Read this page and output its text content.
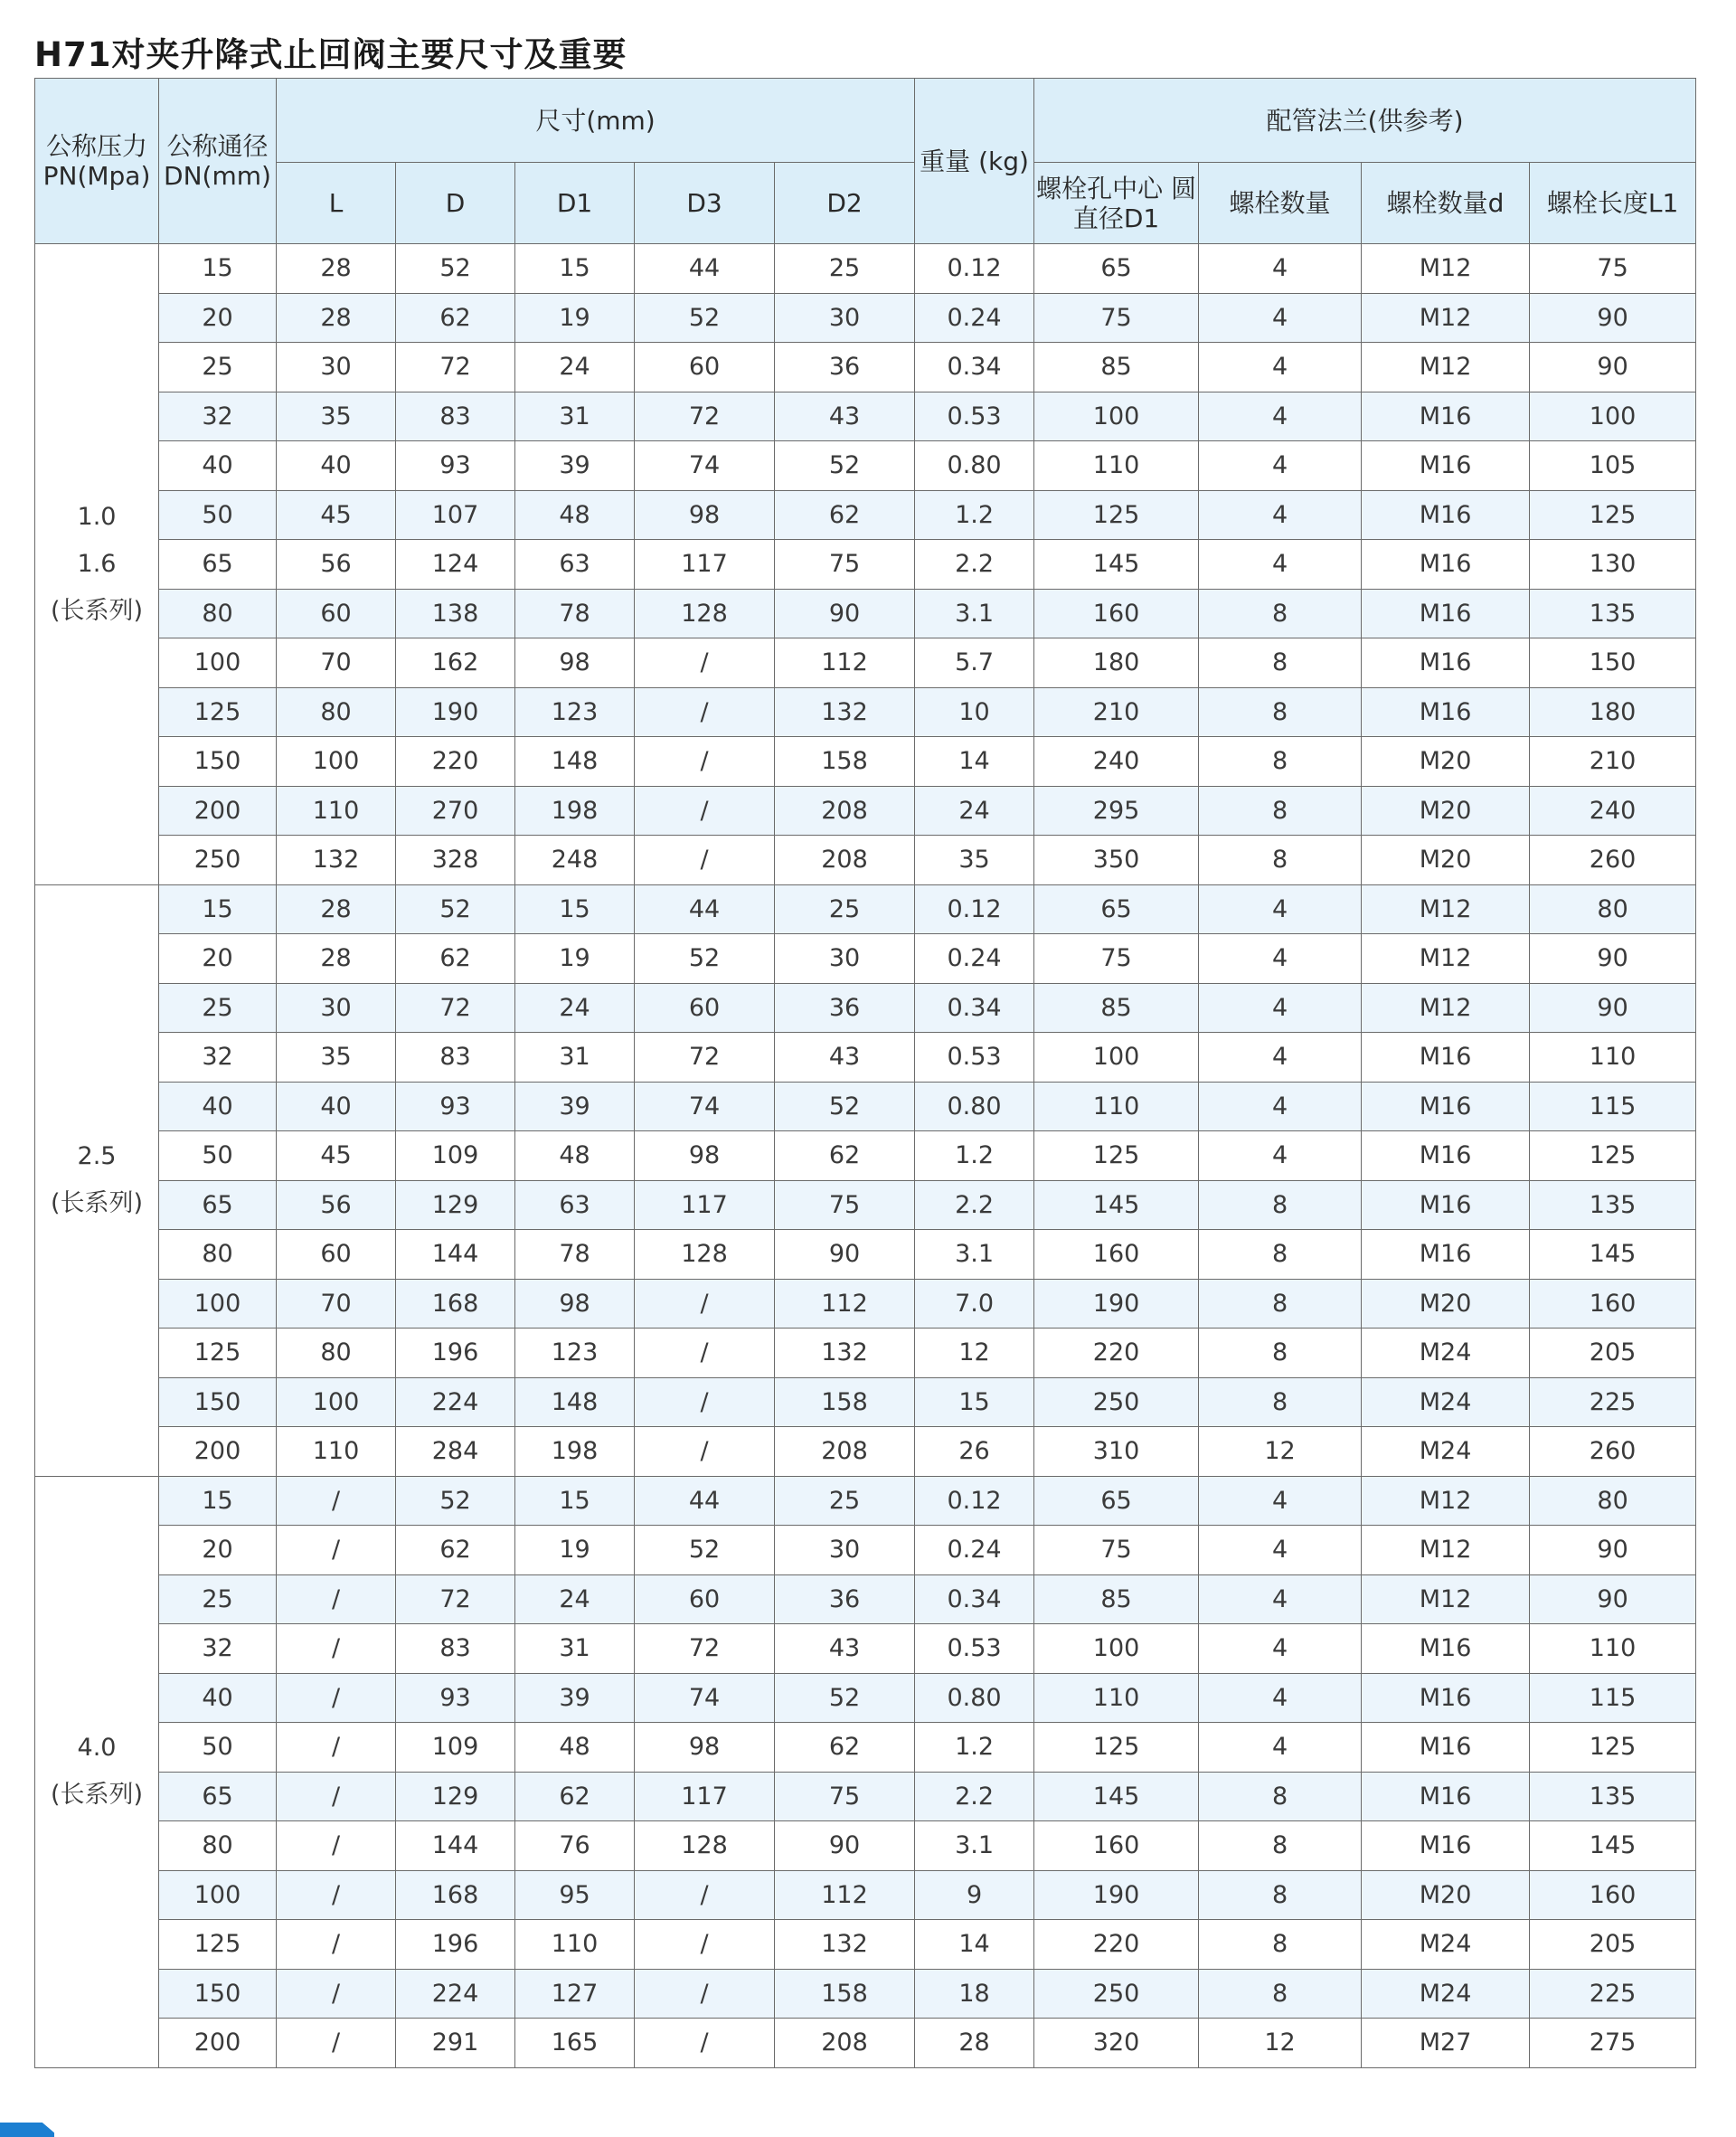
H71对夹升降式止回阀主要尺寸及重要
公称压力 PN(Mpa)	公称通径 DN(mm)	尺寸(mm)					重量 (kg)	配管法兰(供参考)			
		L	D	D1	D3	D2		螺栓孔中心 圆直径D1	螺栓数量	螺栓数量d	螺栓长度L1

1.0
1.6
(长系列)	15	28	52	15	44	25	0.12	65	4	M12	75
	20	28	62	19	52	30	0.24	75	4	M12	90
	25	30	72	24	60	36	0.34	85	4	M12	90
	32	35	83	31	72	43	0.53	100	4	M16	100
	40	40	93	39	74	52	0.80	110	4	M16	105
	50	45	107	48	98	62	1.2	125	4	M16	125
	65	56	124	63	117	75	2.2	145	4	M16	130
	80	60	138	78	128	90	3.1	160	8	M16	135
	100	70	162	98	/	112	5.7	180	8	M16	150
	125	80	190	123	/	132	10	210	8	M16	180
	150	100	220	148	/	158	14	240	8	M20	210
	200	110	270	198	/	208	24	295	8	M20	240
	250	132	328	248	/	208	35	350	8	M20	260

2.5
(长系列)	15	28	52	15	44	25	0.12	65	4	M12	80
	20	28	62	19	52	30	0.24	75	4	M12	90
	25	30	72	24	60	36	0.34	85	4	M12	90
	32	35	83	31	72	43	0.53	100	4	M16	110
	40	40	93	39	74	52	0.80	110	4	M16	115
	50	45	109	48	98	62	1.2	125	4	M16	125
	65	56	129	63	117	75	2.2	145	8	M16	135
	80	60	144	78	128	90	3.1	160	8	M16	145
	100	70	168	98	/	112	7.0	190	8	M20	160
	125	80	196	123	/	132	12	220	8	M24	205
	150	100	224	148	/	158	15	250	8	M24	225
	200	110	284	198	/	208	26	310	12	M24	260

4.0
(长系列)	15	/	52	15	44	25	0.12	65	4	M12	80
	20	/	62	19	52	30	0.24	75	4	M12	90
	25	/	72	24	60	36	0.34	85	4	M12	90
	32	/	83	31	72	43	0.53	100	4	M16	110
	40	/	93	39	74	52	0.80	110	4	M16	115
	50	/	109	48	98	62	1.2	125	4	M16	125
	65	/	129	62	117	75	2.2	145	8	M16	135
	80	/	144	76	128	90	3.1	160	8	M16	145
	100	/	168	95	/	112	9	190	8	M20	160
	125	/	196	110	/	132	14	220	8	M24	205
	150	/	224	127	/	158	18	250	8	M24	225
	200	/	291	165	/	208	28	320	12	M27	275
